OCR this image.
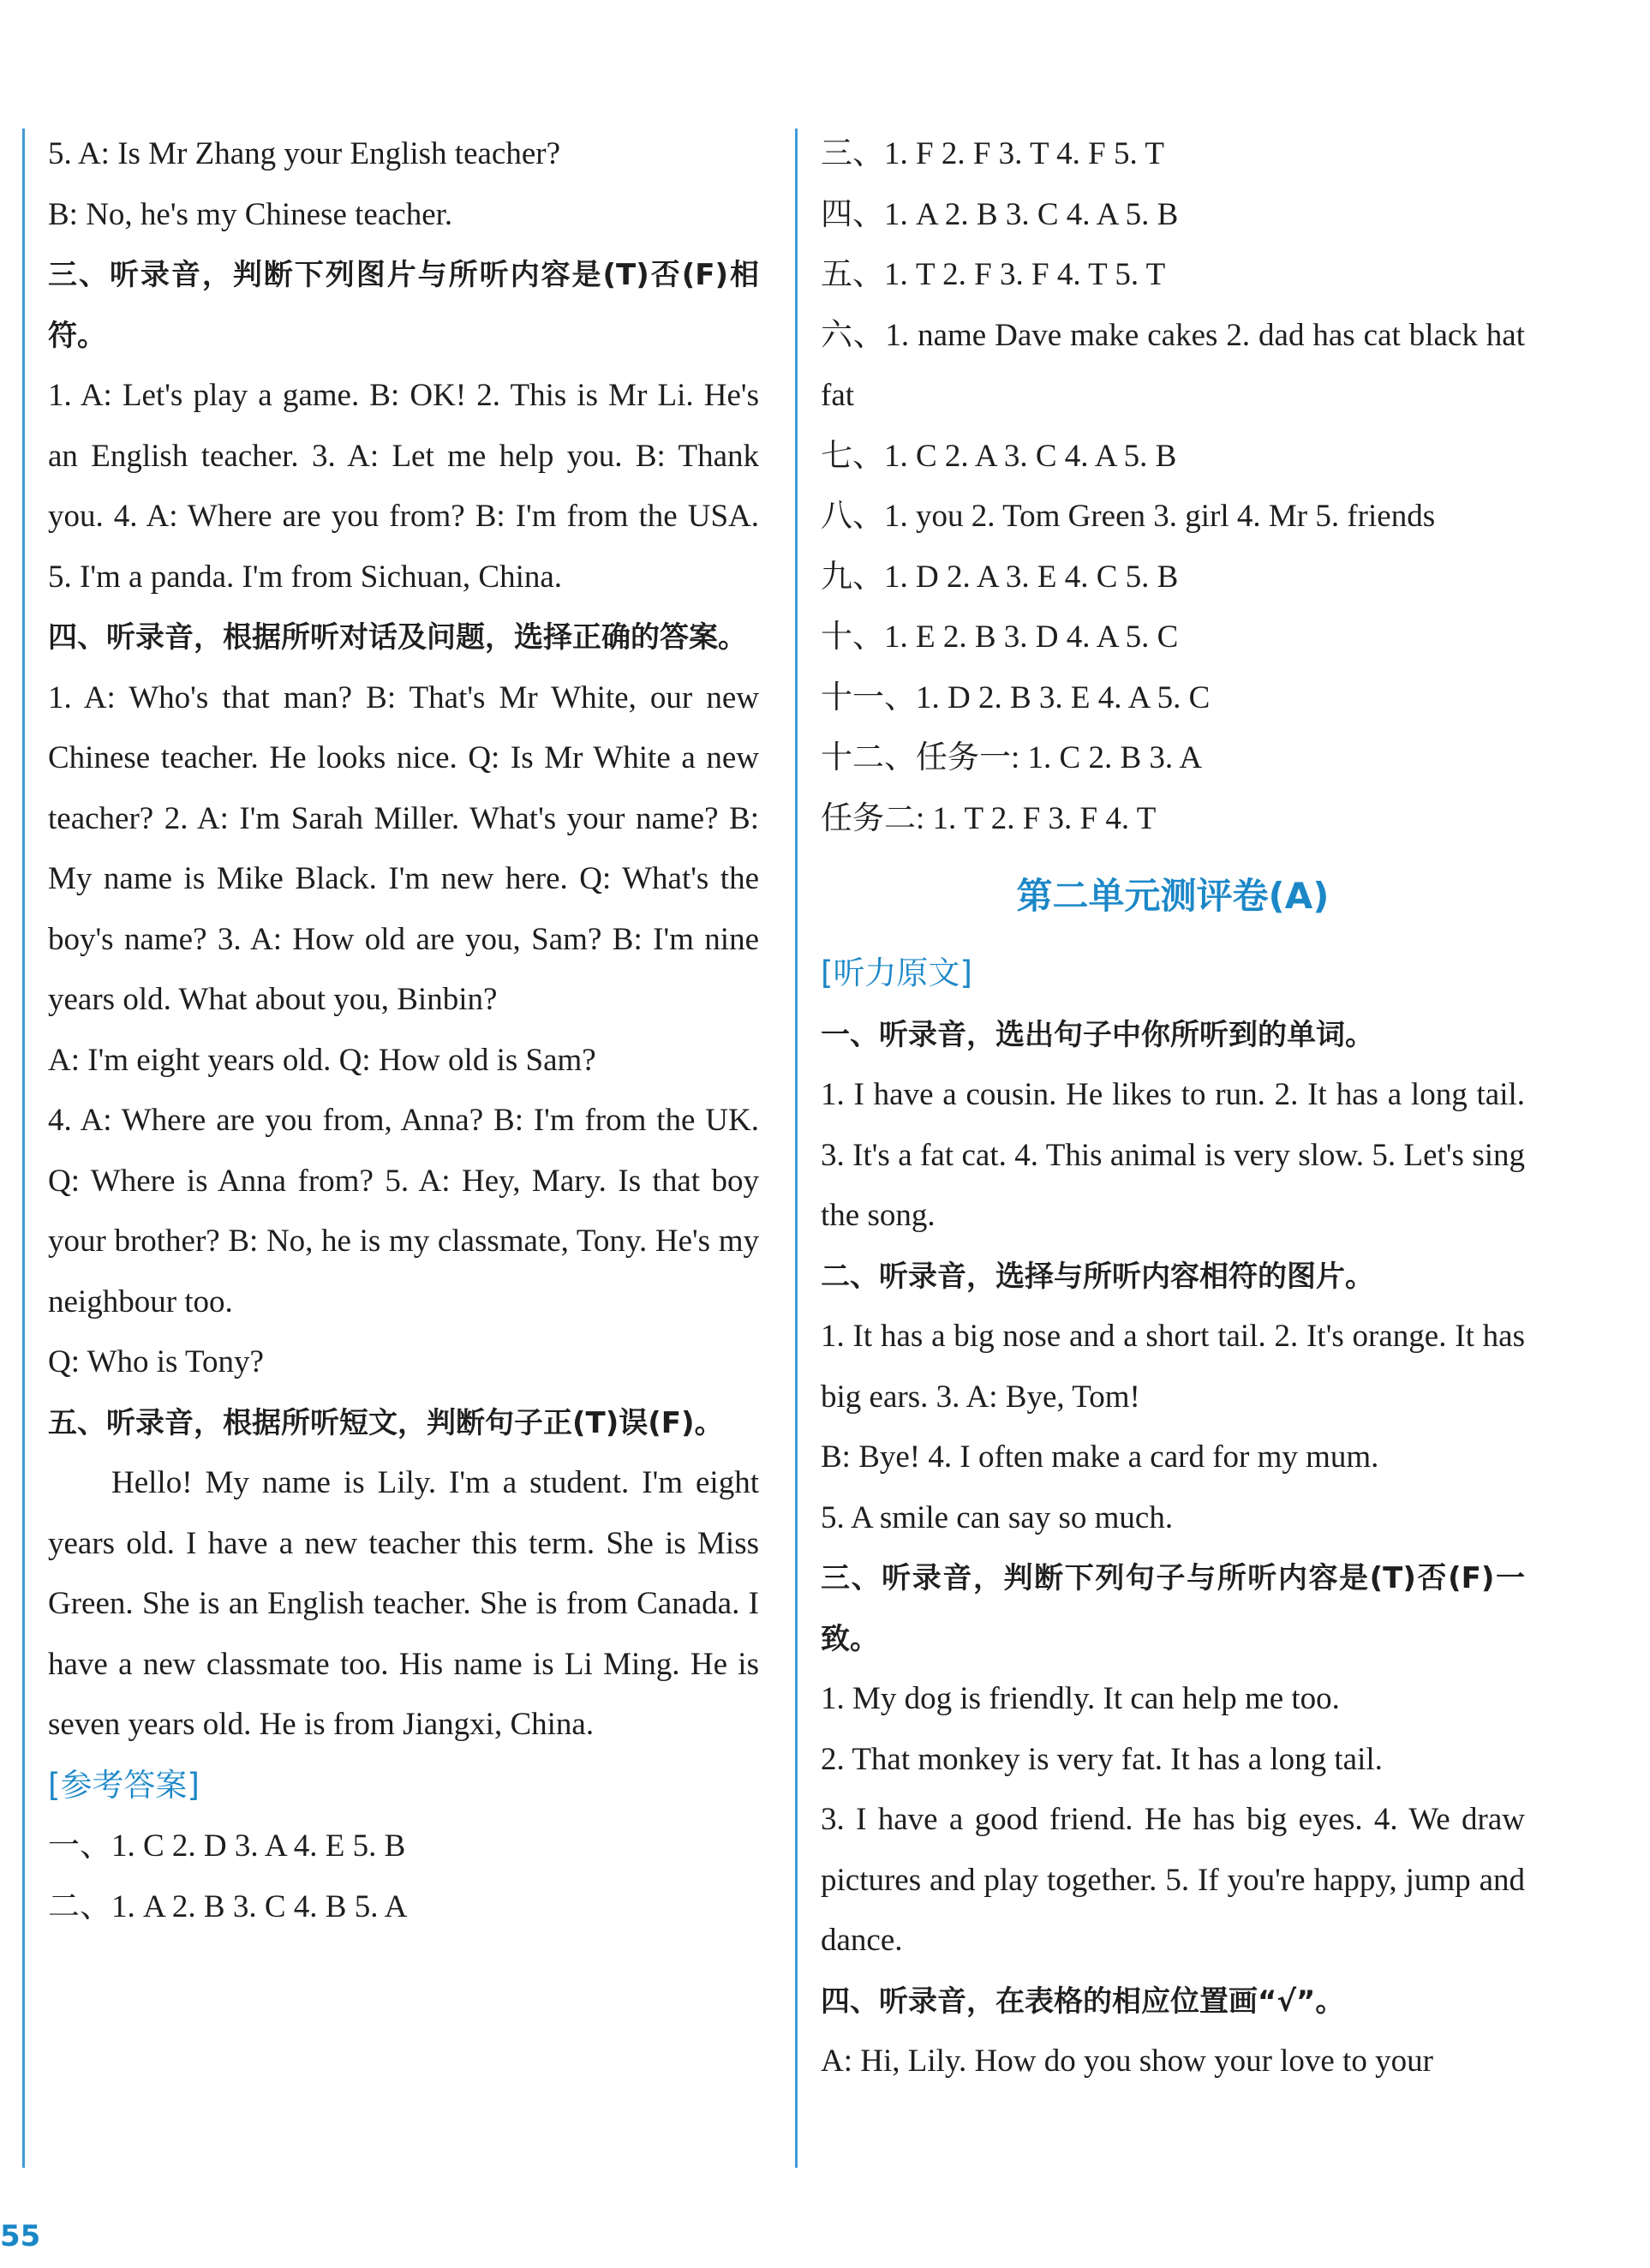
5. A: Is Mr Zhang your English teacher?

B: No, he's my Chinese teacher.

三、听录音，判断下列图片与所听内容是(T)否(F)相符。

1. A: Let's play a game. B: OK! 2. This is Mr Li. He's an English teacher. 3. A: Let me help you. B: Thank you. 4. A: Where are you from? B: I'm from the USA. 5. I'm a panda. I'm from Sichuan, China.

四、听录音，根据所听对话及问题，选择正确的答案。

1. A: Who's that man? B: That's Mr White, our new Chinese teacher. He looks nice. Q: Is Mr White a new teacher? 2. A: I'm Sarah Miller. What's your name? B: My name is Mike Black. I'm new here. Q: What's the boy's name? 3. A: How old are you, Sam? B: I'm nine years old. What about you, Binbin?

A: I'm eight years old. Q: How old is Sam?

4. A: Where are you from, Anna? B: I'm from the UK. Q: Where is Anna from? 5. A: Hey, Mary. Is that boy your brother? B: No, he is my classmate, Tony. He's my neighbour too.

Q: Who is Tony?

五、听录音，根据所听短文，判断句子正(T)误(F)。

Hello! My name is Lily. I'm a student. I'm eight years old. I have a new teacher this term. She is Miss Green. She is an English teacher. She is from Canada. I have a new classmate too. His name is Li Ming. He is seven years old. He is from Jiangxi, China.

[参考答案]

一、1. C 2. D 3. A 4. E 5. B

二、1. A 2. B 3. C 4. B 5. A

三、1. F 2. F 3. T 4. F 5. T

四、1. A 2. B 3. C 4. A 5. B

五、1. T 2. F 3. F 4. T 5. T

六、1. name Dave make cakes 2. dad has cat black hat fat

七、1. C 2. A 3. C 4. A 5. B

八、1. you 2. Tom Green 3. girl 4. Mr 5. friends

九、1. D 2. A 3. E 4. C 5. B

十、1. E 2. B 3. D 4. A 5. C

十一、1. D 2. B 3. E 4. A 5. C

十二、任务一: 1. C 2. B 3. A

任务二: 1. T 2. F 3. F 4. T

第二单元测评卷(A)
[听力原文]

一、听录音，选出句子中你所听到的单词。

1. I have a cousin. He likes to run. 2. It has a long tail. 3. It's a fat cat. 4. This animal is very slow. 5. Let's sing the song.

二、听录音，选择与所听内容相符的图片。

1. It has a big nose and a short tail. 2. It's orange. It has big ears. 3. A: Bye, Tom!

B: Bye! 4. I often make a card for my mum.

5. A smile can say so much.

三、听录音，判断下列句子与所听内容是(T)否(F)一致。

1. My dog is friendly. It can help me too.

2. That monkey is very fat. It has a long tail.

3. I have a good friend. He has big eyes. 4. We draw pictures and play together. 5. If you're happy, jump and dance.

四、听录音，在表格的相应位置画“√”。

A: Hi, Lily. How do you show your love to your

55
